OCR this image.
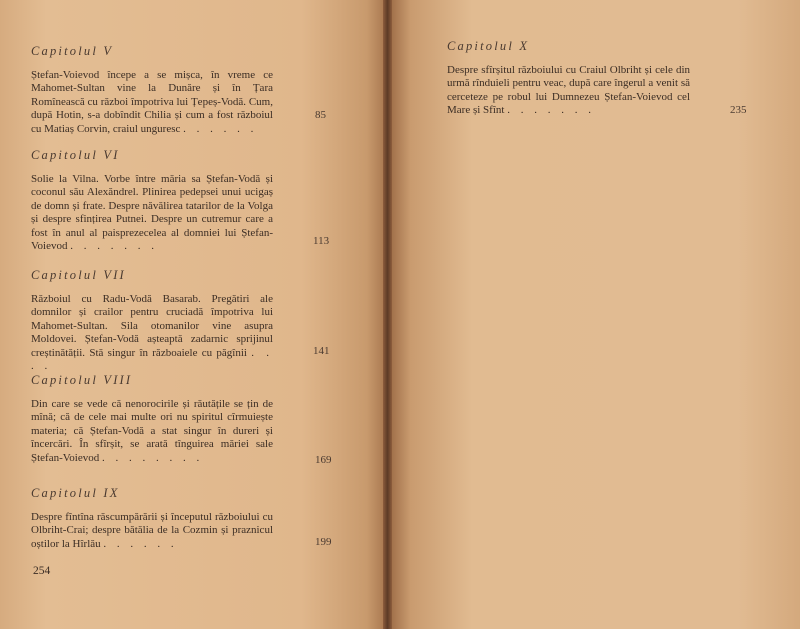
Capitolul V

Ștefan-Voievod începe a se mișca, în vreme ce Mahomet-Sultan vine la Dunăre și în Țara Romînească cu război împotriva lui Țepeș-Vodă. Cum, după Hotin, s-a dobîndit Chilia și cum a fost războiul cu Matiaș Corvin, craiul unguresc . . . . . .

85
Capitolul VI

Solie la Vilna. Vorbe între măria sa Ștefan-Vodă și coconul său Alexăndrel. Plinirea pedepsei unui ucigaș de domn și frate. Despre năvălirea tatarilor de la Volga și despre sfințirea Putnei. Despre un cutremur care a fost în anul al paisprezecelea al domniei lui Ștefan-Voievod . . . . . . .	113
Capitolul VII

Războiul cu Radu-Vodă Basarab. Pregătiri ale domnilor și crailor pentru cruciadă împotriva lui Mahomet-Sultan. Sila otomanilor vine asupra Moldovei. Ștefan-Vodă așteaptă zadarnic sprijinul creștinătății. Stă singur în războaiele cu păgînii . . . .

141
Capitolul VIII

Din care se vede că nenorocirile și răutățile se țin de mînă; că de cele mai multe ori nu spiritul cîrmuiește materia; că Ștefan-Vodă a stat singur în dureri și încercări. În sfîrșit, se arată tînguirea măriei sale Ștefan-Voievod . . . . . . . .	169
Capitolul IX

Despre fîntîna răscumpărării și începutul războiului cu Olbriht-Crai; despre bătălia de la Cozmin și praznicul oștilor la Hîrlău . . . . . .	199
254
Capitolul X

Despre sfîrșitul războiului cu Craiul Olbriht și cele din urmă rînduieli pentru veac, după care îngerul a venit să cerceteze pe robul lui Dumnezeu Ștefan-Voievod cel Mare și Sfînt . . . . . . .	235
